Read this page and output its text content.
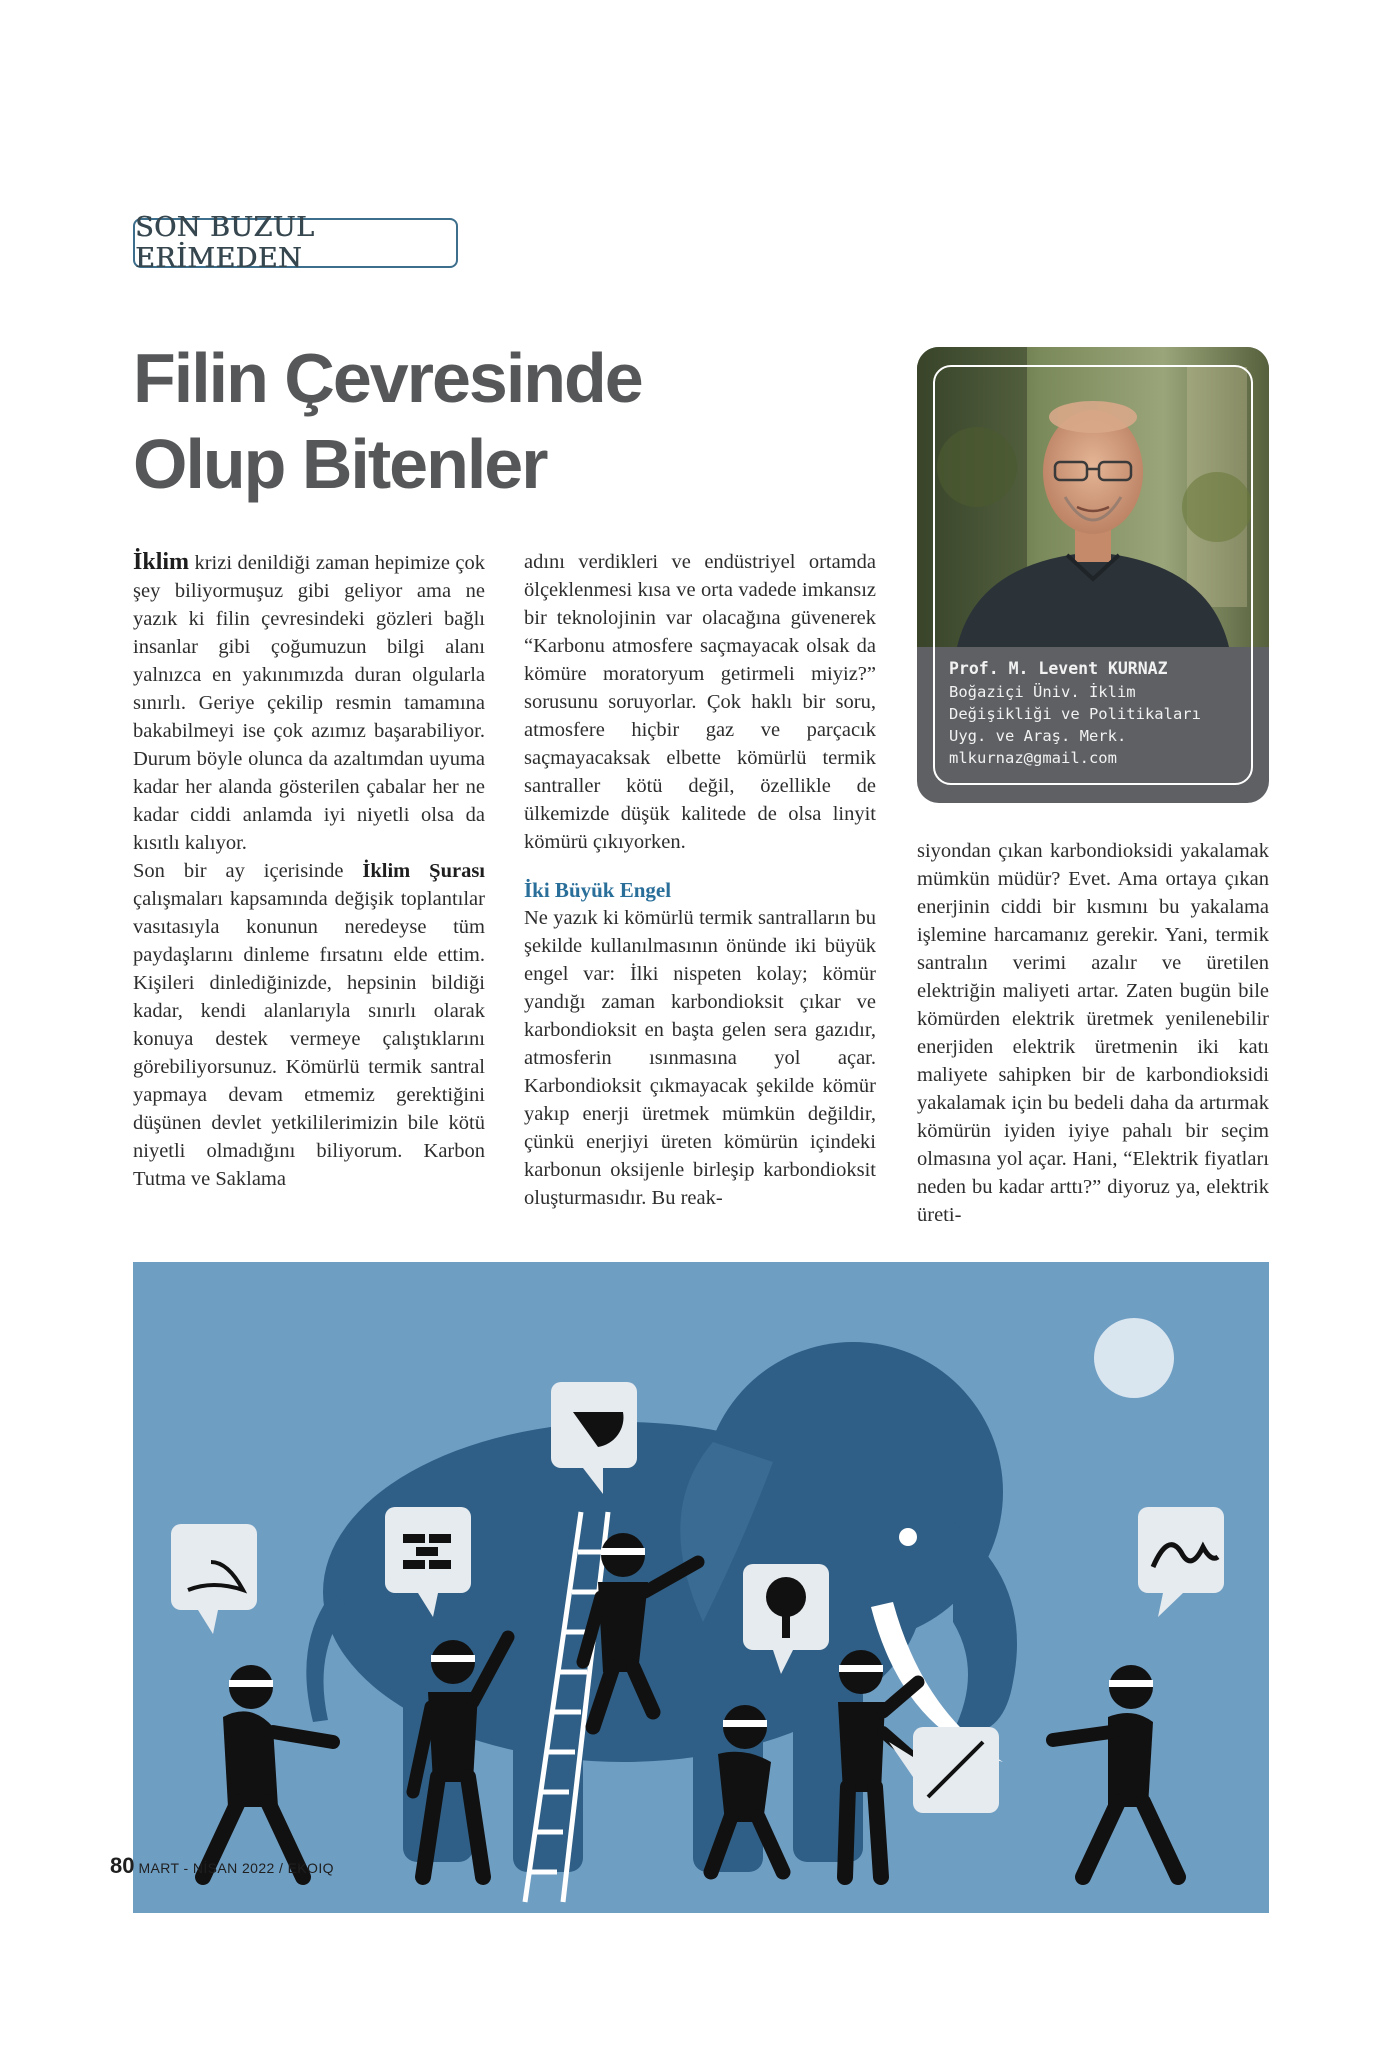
SON BUZUL ERİMEDEN
Filin Çevresinde
Olup Bitenler
Prof. M. Levent KURNAZ
Boğaziçi Üniv. İklim
Değişikliği ve Politikaları
Uyg. ve Araş. Merk.
mlkurnaz@gmail.com

İklim krizi denildiği zaman hepimize çok şey biliyormuşuz gibi geliyor ama ne yazık ki filin çevresindeki gözleri bağlı insanlar gibi çoğumuzun bilgi alanı yalnızca en yakınımızda duran olgularla sınırlı. Geriye çekilip resmin tamamına bakabilmeyi ise çok azımız başarabiliyor. Durum böyle olunca da azaltımdan uyuma kadar her alanda gösterilen çabalar her ne kadar ciddi anlamda iyi niyetli olsa da kısıtlı kalıyor.

Son bir ay içerisinde İklim Şurası çalışmaları kapsamında değişik toplantılar vasıtasıyla konunun neredeyse tüm paydaşlarını dinleme fırsatını elde ettim. Kişileri dinlediğinizde, hepsinin bildiği kadar, kendi alanlarıyla sınırlı olarak konuya destek vermeye çalıştıklarını görebiliyorsunuz. Kömürlü termik santral yapmaya devam etmemiz gerektiğini düşünen devlet yetkililerimizin bile kötü niyetli olmadığını biliyorum. Karbon Tutma ve Saklama

adını verdikleri ve endüstriyel ortamda ölçeklenmesi kısa ve orta vadede imkansız bir teknolojinin var olacağına güvenerek “Karbonu atmosfere saçmayacak olsak da kömüre moratoryum getirmeli miyiz?” sorusunu soruyorlar. Çok haklı bir soru, atmosfere hiçbir gaz ve parçacık saçmayacaksak elbette kömürlü termik santraller kötü değil, özellikle de ülkemizde düşük kalitede de olsa linyit kömürü çıkıyorken.

İki Büyük Engel

Ne yazık ki kömürlü termik santralların bu şekilde kullanılmasının önünde iki büyük engel var: İlki nispeten kolay; kömür yandığı zaman karbondioksit çıkar ve karbondioksit en başta gelen sera gazıdır, atmosferin ısınmasına yol açar. Karbondioksit çıkmayacak şekilde kömür yakıp enerji üretmek mümkün değildir, çünkü enerjiyi üreten kömürün içindeki karbonun oksijenle birleşip karbondioksit oluşturmasıdır. Bu reak-

siyondan çıkan karbondioksidi yakalamak mümkün müdür? Evet. Ama ortaya çıkan enerjinin ciddi bir kısmını bu yakalama işlemine harcamanız gerekir. Yani, termik santralın verimi azalır ve üretilen elektriğin maliyeti artar. Zaten bugün bile kömürden elektrik üretmek yenilenebilir enerjiden elektrik üretmenin iki katı maliyete sahipken bir de karbondioksidi yakalamak için bu bedeli daha da artırmak kömürün iyiden iyiye pahalı bir seçim olmasına yol açar. Hani, “Elektrik fiyatları neden bu kadar arttı?” diyoruz ya, elektrik üreti-

80 MART - NİSAN 2022 / EKOIQ
